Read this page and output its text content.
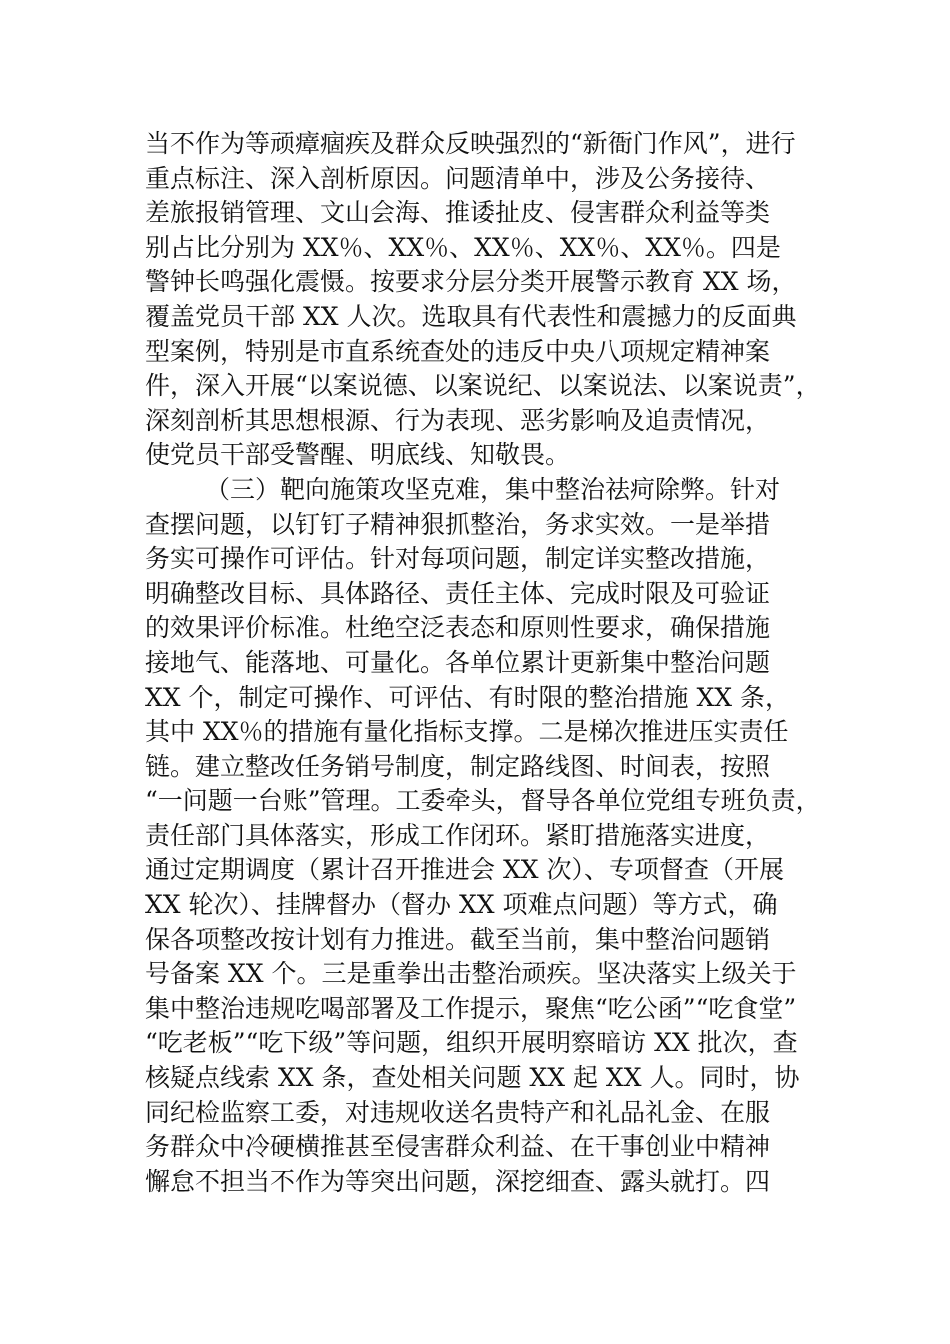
当不作为等顽瘴痼疾及群众反映强烈的“新衙门作风”，进行
重点标注、深入剖析原因。问题清单中，涉及公务接待、
差旅报销管理、文山会海、推诿扯皮、侵害群众利益等类
别占比分别为 XX％、XX％、XX％、XX％、XX％。四是
警钟长鸣强化震慑。按要求分层分类开展警示教育 XX 场，
覆盖党员干部 XX 人次。选取具有代表性和震撼力的反面典
型案例，特别是市直系统查处的违反中央八项规定精神案
件，深入开展“以案说德、以案说纪、以案说法、以案说责”，
深刻剖析其思想根源、行为表现、恶劣影响及追责情况，
使党员干部受警醒、明底线、知敬畏。
（三）靶向施策攻坚克难，集中整治祛疴除弊。针对
查摆问题，以钉钉子精神狠抓整治，务求实效。一是举措
务实可操作可评估。针对每项问题，制定详实整改措施，
明确整改目标、具体路径、责任主体、完成时限及可验证
的效果评价标准。杜绝空泛表态和原则性要求，确保措施
接地气、能落地、可量化。各单位累计更新集中整治问题
XX 个，制定可操作、可评估、有时限的整治措施 XX 条，
其中 XX％的措施有量化指标支撑。二是梯次推进压实责任
链。建立整改任务销号制度，制定路线图、时间表，按照
“一问题一台账”管理。工委牵头，督导各单位党组专班负责，
责任部门具体落实，形成工作闭环。紧盯措施落实进度，
通过定期调度（累计召开推进会 XX 次）、专项督查（开展
XX 轮次）、挂牌督办（督办 XX 项难点问题）等方式，确
保各项整改按计划有力推进。截至当前，集中整治问题销
号备案 XX 个。三是重拳出击整治顽疾。坚决落实上级关于
集中整治违规吃喝部署及工作提示，聚焦“吃公函”“吃食堂”
“吃老板”“吃下级”等问题，组织开展明察暗访 XX 批次，查
核疑点线索 XX 条，查处相关问题 XX 起 XX 人。同时，协
同纪检监察工委，对违规收送名贵特产和礼品礼金、在服
务群众中冷硬横推甚至侵害群众利益、在干事创业中精神
懈怠不担当不作为等突出问题，深挖细查、露头就打。四
